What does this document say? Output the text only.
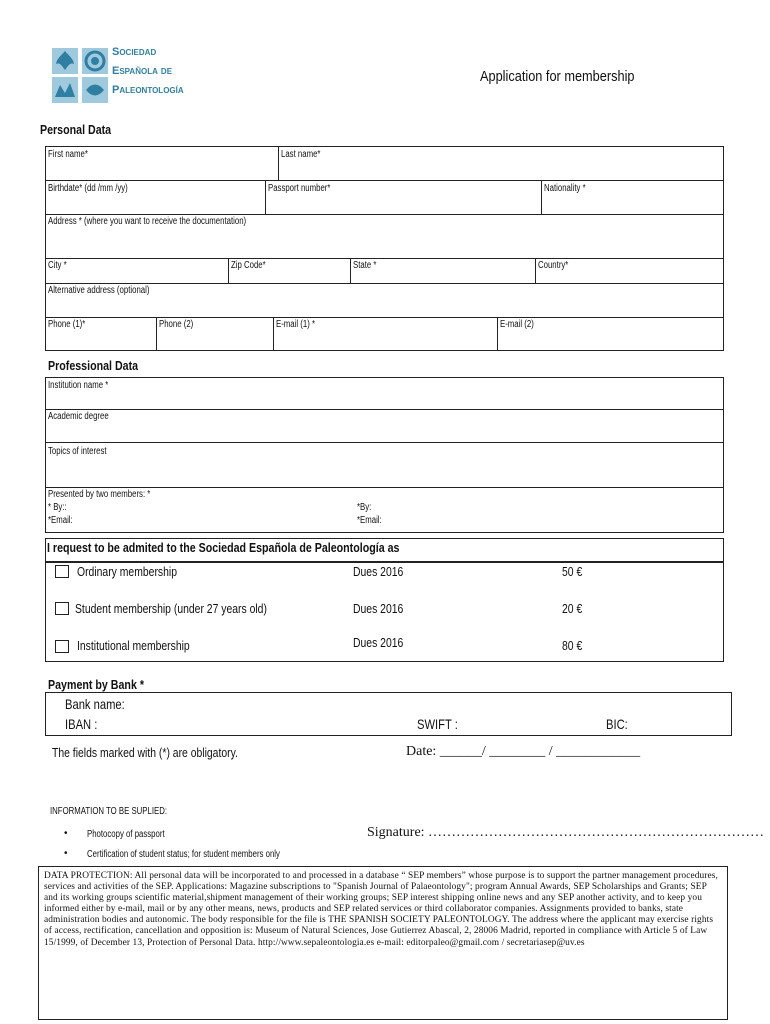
Sociedad
Española de
Paleontología
Application for membership
Personal Data
First name*	Last name*
Birthdate* (dd /mm /yy)	Passport number*	Nationality *
Address * (where you want to receive the documentation)
City *	Zip Code*	State *	Country*
Alternative address (optional)
Phone (1)*	Phone (2)	E-mail (1) *	E-mail (2)
Professional Data
Institution name *
Academic degree
Topics of interest
Presented by two members: *
* By::
*Email:
*By:
*Email:
I request to be admited to the Sociedad Española de Paleontología as
Ordinary membership	Dues 2016	50 €
Student membership (under 27 years old)	Dues 2016	20 €
Institutional membership	Dues 2016	80 €
Payment by Bank *
Bank name:
IBAN :	SWIFT :	BIC:
The fields marked with (*) are obligatory.	Date: ______/ ________ / ____________
INFORMATION TO BE SUPLIED:
• Photocopy of passport
• Certification of student status; for student members only
Signature: ………………………………………………………………

DATA PROTECTION: All personal data will be incorporated to and processed in a database “ SEP members” whose purpose is to support the partner management procedures, services and activities of the SEP. Applications: Magazine subscriptions to "Spanish Journal of Palaeontology"; program Annual Awards, SEP Scholarships and Grants; SEP and its working groups scientific material,shipment management of their working groups; SEP interest shipping online news and any SEP another activity, and to keep you informed either by e-mail, mail or by any other means, news, products and SEP related services or third collaborator companies. Assignments provided to banks, state administration bodies and autonomic. The body responsible for the file is THE SPANISH SOCIETY PALEONTOLOGY. The address where the applicant may exercise rights of access, rectification, cancellation and opposition is: Museum of Natural Sciences, Jose Gutierrez Abascal, 2, 28006 Madrid, reported in compliance with Article 5 of Law 15/1999, of December 13, Protection of Personal Data. http://www.sepaleontologia.es e-mail: editorpaleo@gmail.com / secretariasep@uv.es
